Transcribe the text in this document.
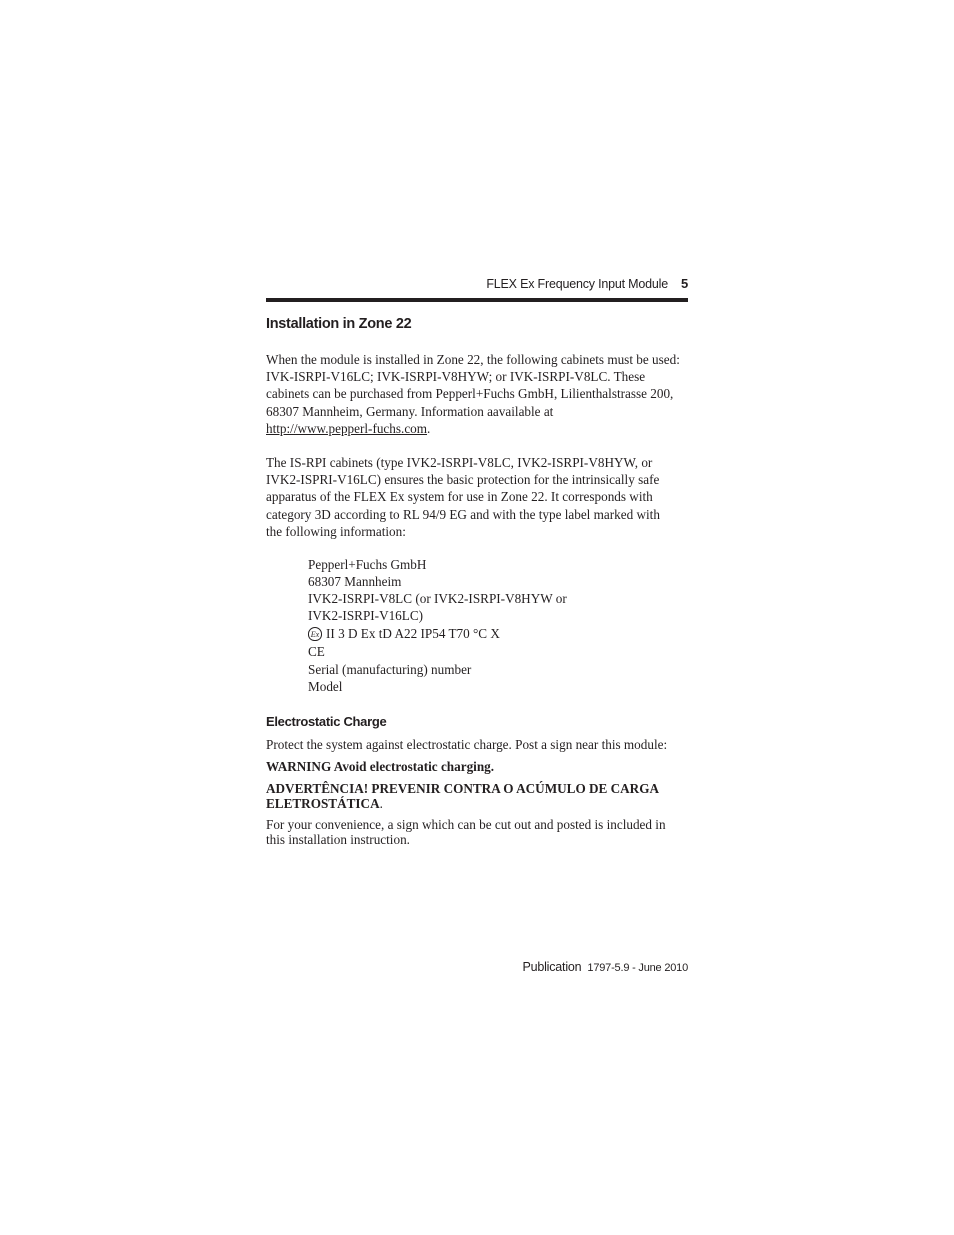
FLEX Ex Frequency Input Module 5
Installation in Zone 22

When the module is installed in Zone 22, the following cabinets must be used:
IVK-ISRPI-V16LC; IVK-ISRPI-V8HYW; or IVK-ISRPI-V8LC. These
cabinets can be purchased from Pepperl+Fuchs GmbH, Lilienthalstrasse 200,
68307 Mannheim, Germany. Information aavailable at
http://www.pepperl-fuchs.com.

The IS-RPI cabinets (type IVK2-ISRPI-V8LC, IVK2-ISRPI-V8HYW, or
IVK2-ISPRI-V16LC) ensures the basic protection for the intrinsically safe
apparatus of the FLEX Ex system for use in Zone 22. It corresponds with
category 3D according to RL 94/9 EG and with the type label marked with
the following information:

Pepperl+Fuchs GmbH
68307 Mannheim
IVK2-ISRPI-V8LC (or IVK2-ISRPI-V8HYW or
IVK2-ISRPI-V16LC)
Ex II 3 D Ex tD A22 IP54 T70 °C X
CE
Serial (manufacturing) number
Model
Electrostatic Charge

Protect the system against electrostatic charge. Post a sign near this module:

WARNING Avoid electrostatic charging.

ADVERTÊNCIA! PREVENIR CONTRA O ACÚMULO DE CARGA
ELETROSTÁTICA.

For your convenience, a sign which can be cut out and posted is included in
this installation instruction.

Publication 1797-5.9 - June 2010
